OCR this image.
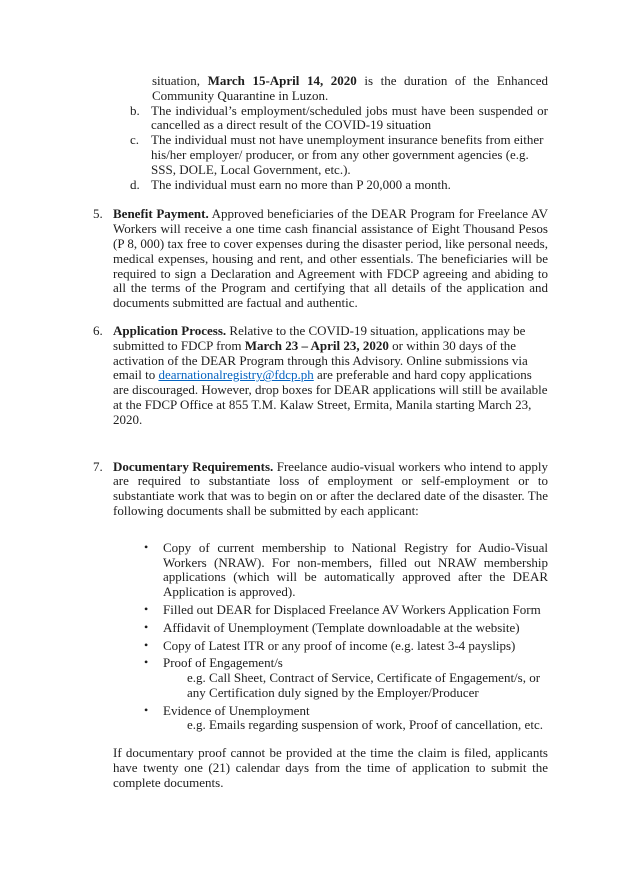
situation, March 15-April 14, 2020 is the duration of the Enhanced Community Quarantine in Luzon.
b. The individual’s employment/scheduled jobs must have been suspended or cancelled as a direct result of the COVID-19 situation
c. The individual must not have unemployment insurance benefits from either his/her employer/ producer, or from any other government agencies (e.g. SSS, DOLE, Local Government, etc.).
d. The individual must earn no more than P 20,000 a month.
5. Benefit Payment. Approved beneficiaries of the DEAR Program for Freelance AV Workers will receive a one time cash financial assistance of Eight Thousand Pesos (P 8, 000) tax free to cover expenses during the disaster period, like personal needs, medical expenses, housing and rent, and other essentials. The beneficiaries will be required to sign a Declaration and Agreement with FDCP agreeing and abiding to all the terms of the Program and certifying that all details of the application and documents submitted are factual and authentic.
6. Application Process. Relative to the COVID-19 situation, applications may be submitted to FDCP from March 23 – April 23, 2020 or within 30 days of the activation of the DEAR Program through this Advisory. Online submissions via email to dearnationalregistry@fdcp.ph are preferable and hard copy applications are discouraged. However, drop boxes for DEAR applications will still be available at the FDCP Office at 855 T.M. Kalaw Street, Ermita, Manila starting March 23, 2020.
7. Documentary Requirements. Freelance audio-visual workers who intend to apply are required to substantiate loss of employment or self-employment or to substantiate work that was to begin on or after the declared date of the disaster. The following documents shall be submitted by each applicant:
• Copy of current membership to National Registry for Audio-Visual Workers (NRAW). For non-members, filled out NRAW membership applications (which will be automatically approved after the DEAR Application is approved).
• Filled out DEAR for Displaced Freelance AV Workers Application Form
• Affidavit of Unemployment (Template downloadable at the website)
• Copy of Latest ITR or any proof of income (e.g. latest 3-4 payslips)
• Proof of Engagement/s
e.g. Call Sheet, Contract of Service, Certificate of Engagement/s, or any Certification duly signed by the Employer/Producer
• Evidence of Unemployment
e.g. Emails regarding suspension of work, Proof of cancellation, etc.
If documentary proof cannot be provided at the time the claim is filed, applicants have twenty one (21) calendar days from the time of application to submit the complete documents.
